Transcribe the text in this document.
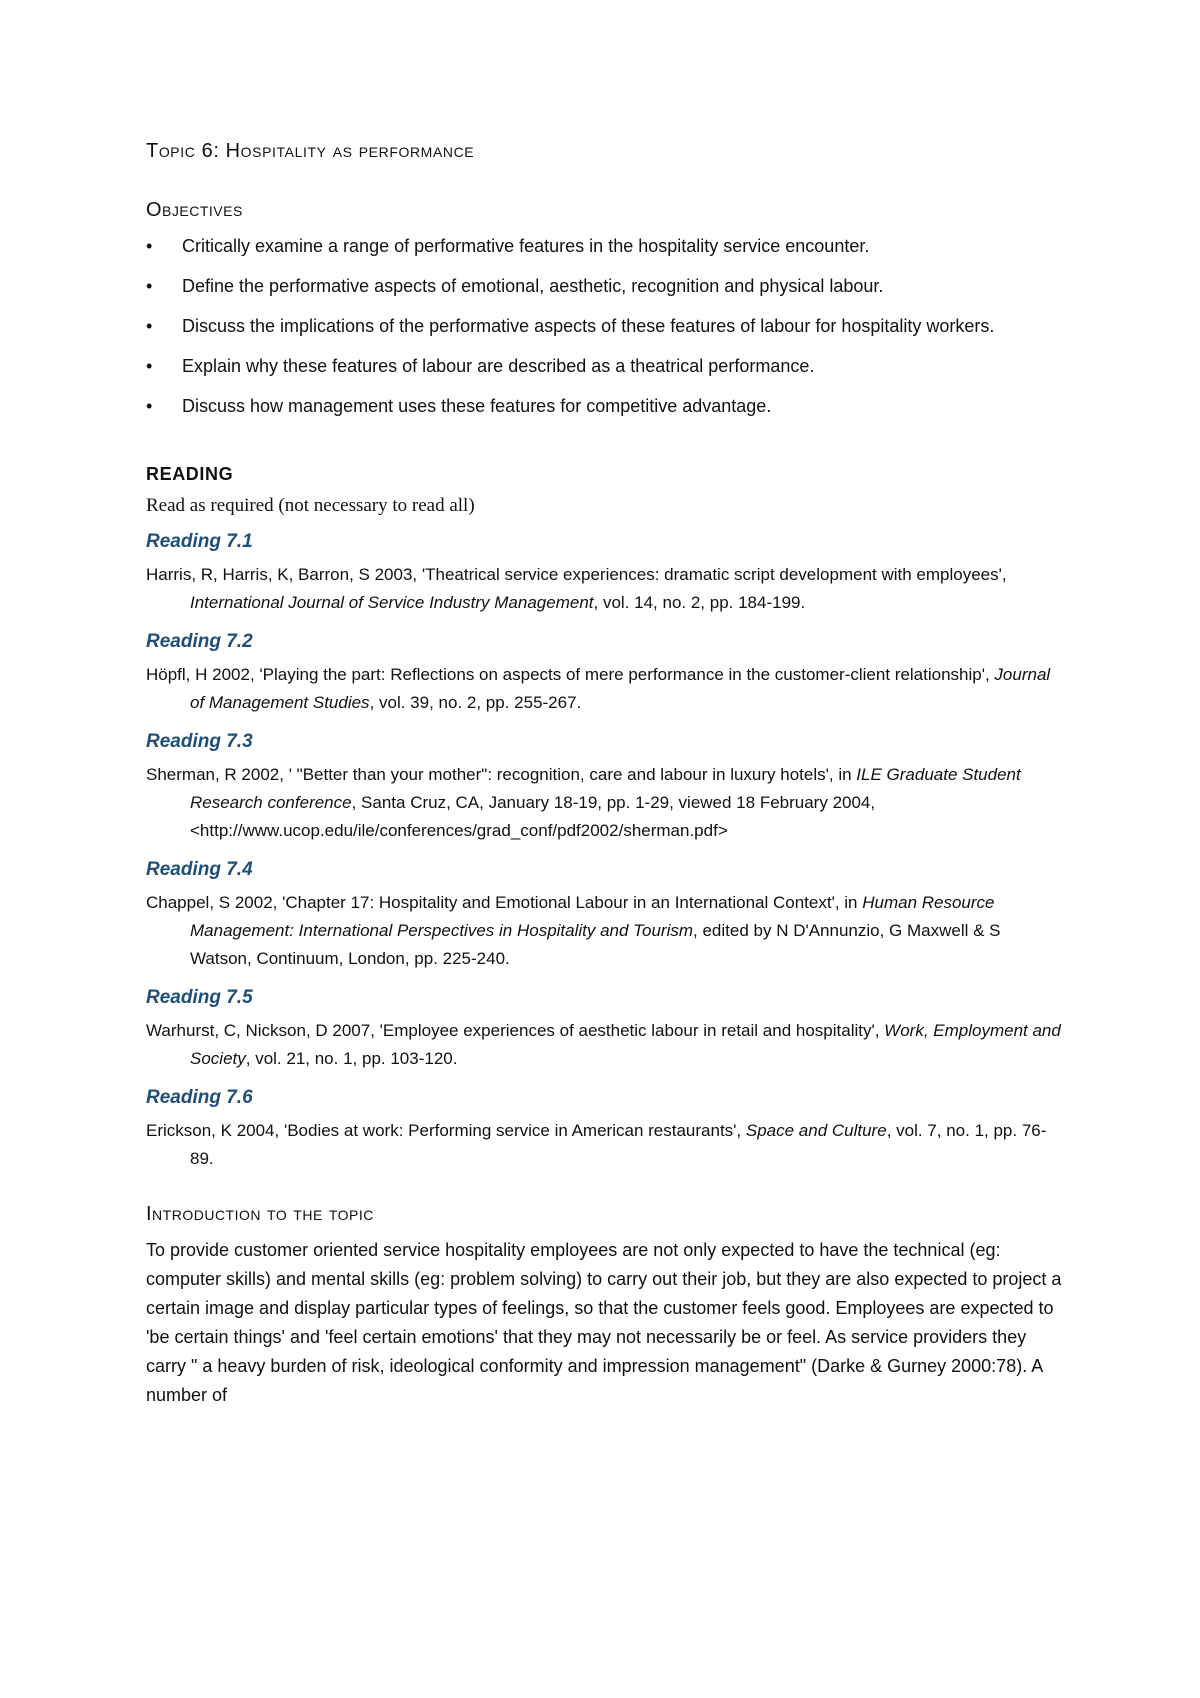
Topic 6: Hospitality as performance
Objectives
• Critically examine a range of performative features in the hospitality service encounter.
• Define the performative aspects of emotional, aesthetic, recognition and physical labour.
• Discuss the implications of the performative aspects of these features of labour for hospitality workers.
• Explain why these features of labour are described as a theatrical performance.
• Discuss how management uses these features for competitive advantage.
READING

Read as required (not necessary to read all)

Reading 7.1

Harris, R, Harris, K, Barron, S 2003, 'Theatrical service experiences: dramatic script development with employees', International Journal of Service Industry Management, vol. 14, no. 2, pp. 184-199.

Reading 7.2

Höpfl, H 2002, 'Playing the part: Reflections on aspects of mere performance in the customer-client relationship', Journal of Management Studies, vol. 39, no. 2, pp. 255-267.

Reading 7.3

Sherman, R 2002, ' "Better than your mother": recognition, care and labour in luxury hotels', in ILE Graduate Student Research conference, Santa Cruz, CA, January 18-19, pp. 1-29, viewed 18 February 2004, <http://www.ucop.edu/ile/conferences/grad_conf/pdf2002/sherman.pdf>

Reading 7.4

Chappel, S 2002, 'Chapter 17: Hospitality and Emotional Labour in an International Context', in Human Resource Management: International Perspectives in Hospitality and Tourism, edited by N D'Annunzio, G Maxwell & S Watson, Continuum, London, pp. 225-240.

Reading 7.5

Warhurst, C, Nickson, D 2007, 'Employee experiences of aesthetic labour in retail and hospitality', Work, Employment and Society, vol. 21, no. 1, pp. 103-120.

Reading 7.6

Erickson, K 2004, 'Bodies at work: Performing service in American restaurants', Space and Culture, vol. 7, no. 1, pp. 76-89.

Introduction to the topic

To provide customer oriented service hospitality employees are not only expected to have the technical (eg: computer skills) and mental skills (eg: problem solving) to carry out their job, but they are also expected to project a certain image and display particular types of feelings, so that the customer feels good. Employees are expected to 'be certain things' and 'feel certain emotions' that they may not necessarily be or feel. As service providers they carry " a heavy burden of risk, ideological conformity and impression management" (Darke & Gurney 2000:78). A number of
